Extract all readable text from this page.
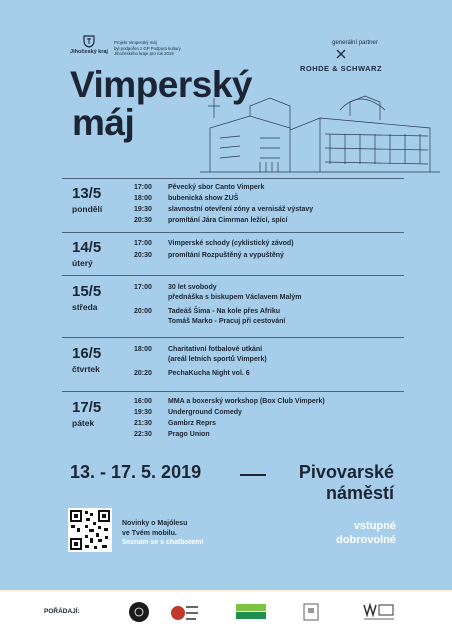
Jihočeský kraj
Projekt Vimperský máj
byl podpořen z GP Podpora kultury
Jihočeského kraje pro rok 2019
generální partner
ROHDE & SCHWARZ
Vimperský
máj
13/5
pondělí
17:00 Pěvecký sbor Canto Vimperk
18:00 bubenická show ZUŠ
19:30 slavnostní otevření zóny a vernisáž výstavy
20:30 promítání Jára Cimrman ležící, spící
14/5
úterý
17:00 Vimperské schody (cyklistický závod)
20:30 promítání Rozpuštěný a vypuštěný
15/5
středa
17:00 30 let svobody
přednáška s biskupem Václavem Malým
20:00 Tadeáš Šima - Na kole přes Afriku
Tomáš Marko - Pracuj při cestování
16/5
čtvrtek
18:00 Charitativní fotbalové utkání
(areál letních sportů Vimperk)
20:20 PechaKucha Night vol. 6
17/5
pátek
16:00 MMA a boxerský workshop (Box Club Vimperk)
19:30 Underground Comedy
21:30 Gambrz Reprs
22:30 Prago Union
13. - 17. 5. 2019	Pivovarské
náměstí
Novinky o Majólesu
ve Tvém mobilu.
Seznam se s chatbotem!
vstupné
dobrovolné
POŘÁDAJÍ:
